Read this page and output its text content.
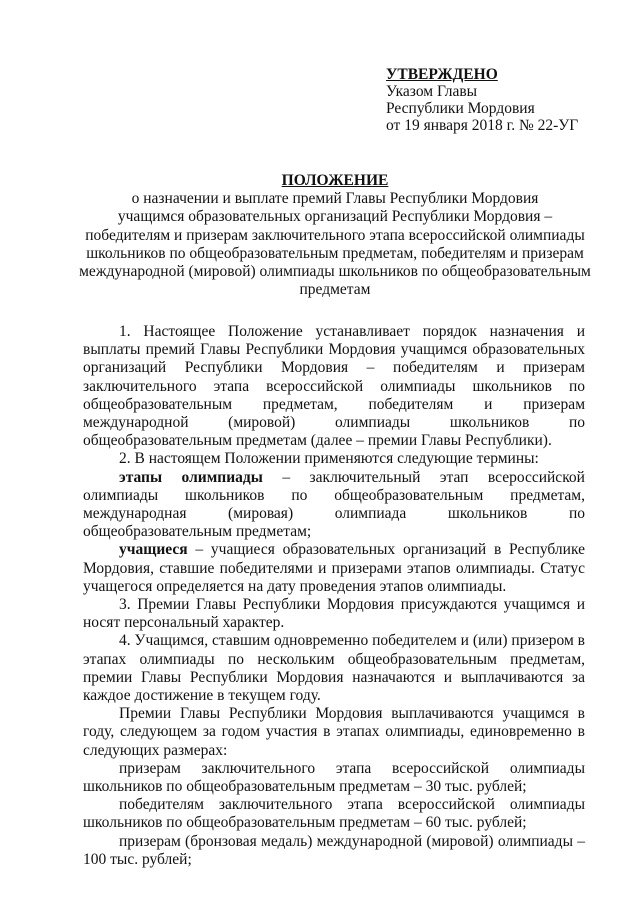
УТВЕРЖДЕНО
Указом Главы
Республики Мордовия
от 19 января 2018 г. № 22-УГ
ПОЛОЖЕНИЕ
о назначении и выплате премий Главы Республики Мордовия
учащимся образовательных организаций Республики Мордовия –
победителям и призерам заключительного этапа всероссийской олимпиады
школьников по общеобразовательным предметам, победителям и призерам
международной (мировой) олимпиады школьников по общеобразовательным
предметам

1. Настоящее Положение устанавливает порядок назначения и выплаты премий Главы Республики Мордовия учащимся образовательных организаций Республики Мордовия – победителям и призерам заключительного этапа всероссийской олимпиады школьников по общеобразовательным предметам, победителям и призерам международной (мировой) олимпиады школьников по общеобразовательным предметам (далее – премии Главы Республики).

2. В настоящем Положении применяются следующие термины:

этапы олимпиады – заключительный этап всероссийской олимпиады школьников по общеобразовательным предметам, международная (мировая) олимпиада школьников по общеобразовательным предметам;

учащиеся – учащиеся образовательных организаций в Республике Мордовия, ставшие победителями и призерами этапов олимпиады. Статус учащегося определяется на дату проведения этапов олимпиады.

3. Премии Главы Республики Мордовия присуждаются учащимся и носят персональный характер.

4. Учащимся, ставшим одновременно победителем и (или) призером в этапах олимпиады по нескольким общеобразовательным предметам, премии Главы Республики Мордовия назначаются и выплачиваются за каждое достижение в текущем году.

Премии Главы Республики Мордовия выплачиваются учащимся в году, следующем за годом участия в этапах олимпиады, единовременно в следующих размерах:

призерам заключительного этапа всероссийской олимпиады школьников по общеобразовательным предметам – 30 тыс. рублей;

победителям заключительного этапа всероссийской олимпиады школьников по общеобразовательным предметам – 60 тыс. рублей;

призерам (бронзовая медаль) международной (мировой) олимпиады – 100 тыс. рублей;
